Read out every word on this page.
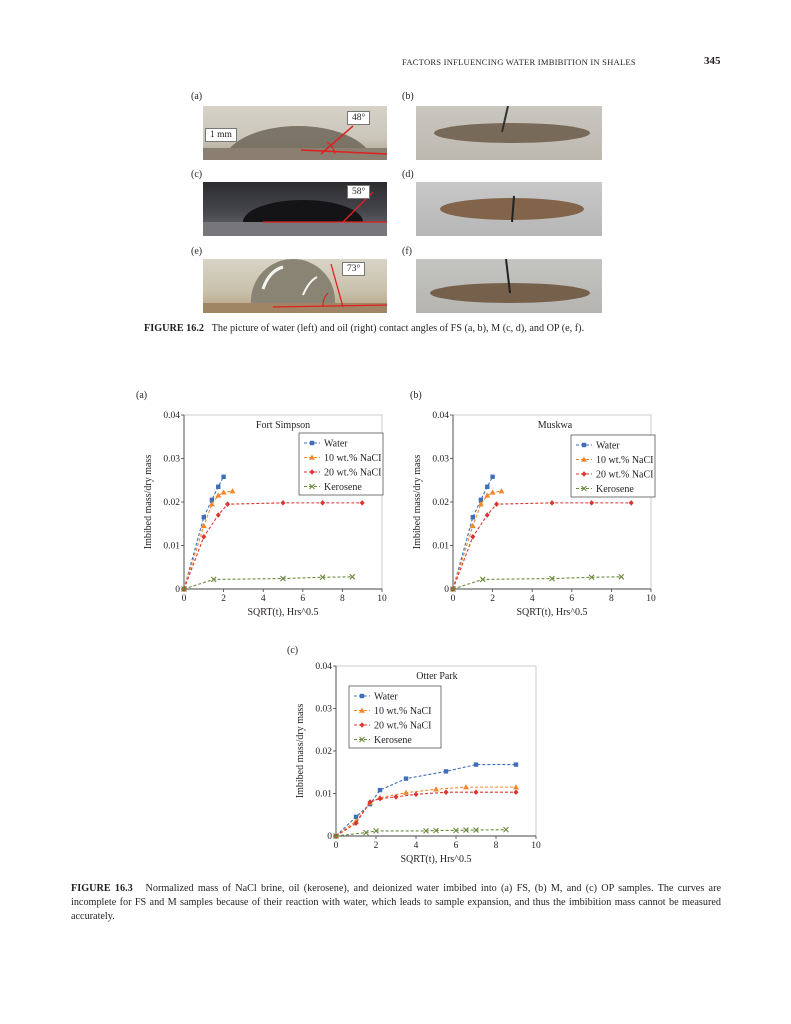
FACTORS INFLUENCING WATER IMBIBITION IN SHALES	345
(a)
48°
1 mm
(b)
(c)
58°
(d)
(e)
73°
(f)
FIGURE 16.2 The picture of water (left) and oil (right) contact angles of FS (a, b), M (c, d), and OP (e, f).
(a)	(b)
(c)
0
0.01
0.02
0.03
0.04
0	2	4	6	8	10
SQRT(t), Hrs^0.5
Imbibed mass/dry mass
Fort Simpson
Water
10 wt.% NaCI
20 wt.% NaCI
Kerosene
0
0.01
0.02
0.03
0.04
0	2	4	6	8	10
SQRT(t), Hrs^0.5
Imbibed mass/dry mass
Muskwa
Water
10 wt.% NaCI
20 wt.% NaCI
Kerosene
0
0.01
0.02
0.03
0.04
0	2	4	6	8	10
SQRT(t), Hrs^0.5
Imbibed mass/dry mass
Otter Park
Water
10 wt.% NaCI
20 wt.% NaCI
Kerosene
FIGURE 16.3 Normalized mass of NaCl brine, oil (kerosene), and deionized water imbibed into (a) FS, (b) M, and (c) OP samples. The curves are incomplete for FS and M samples because of their reaction with water, which leads to sample expansion, and thus the imbibition mass cannot be measured accurately.
